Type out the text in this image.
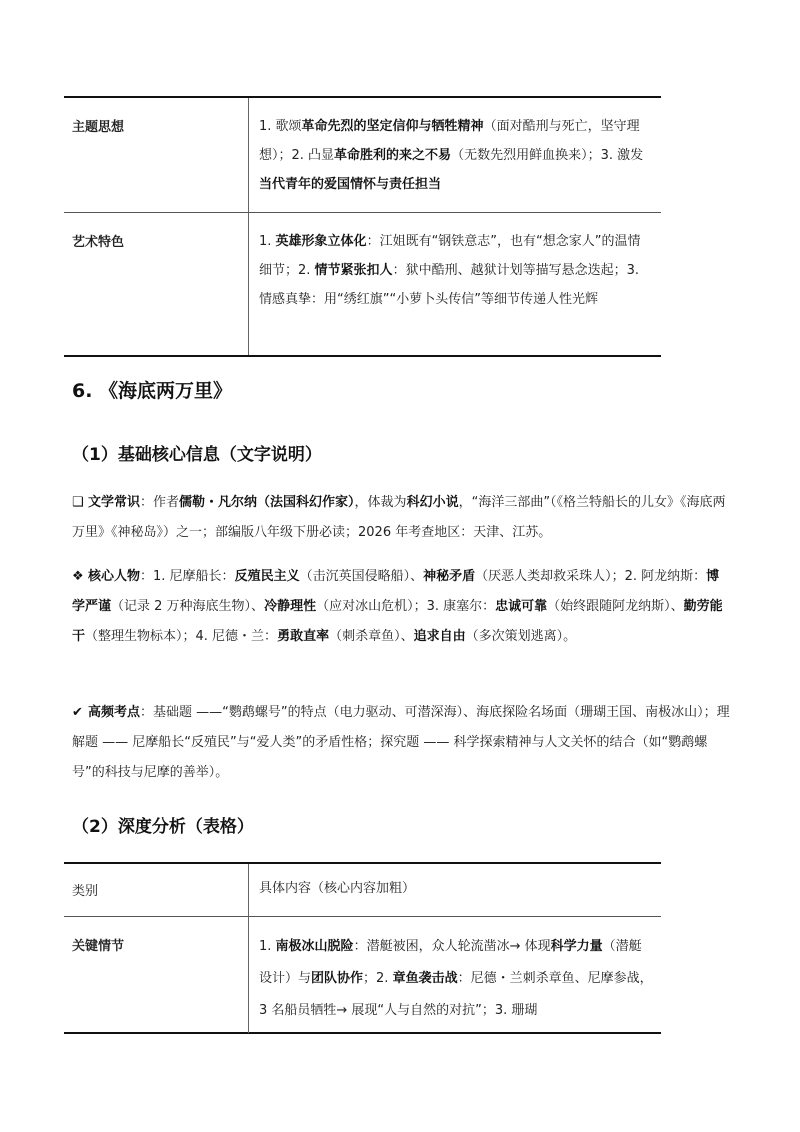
主题思想	1. 歌颂革命先烈的坚定信仰与牺牲精神（面对酷刑与死亡，坚守理想）；2. 凸显革命胜利的来之不易（无数先烈用鲜血换来）；3. 激发当代青年的爱国情怀与责任担当
艺术特色	1. 英雄形象立体化：江姐既有“钢铁意志”，也有“想念家人”的温情细节；2. 情节紧张扣人：狱中酷刑、越狱计划等描写悬念迭起；3. 情感真挚：用“绣红旗”“小萝卜头传信”等细节传递人性光辉
6. 《海底两万里》
（1）基础核心信息（文字说明）

❑ 文学常识：作者儒勒・凡尔纳（法国科幻作家），体裁为科幻小说，“海洋三部曲”（《格兰特船长的儿女》《海底两万里》《神秘岛》）之一；部编版八年级下册必读；2026 年考查地区：天津、江苏。

❖ 核心人物：1. 尼摩船长：反殖民主义（击沉英国侵略船）、神秘矛盾（厌恶人类却救采珠人）；2. 阿龙纳斯：博学严谨（记录 2 万种海底生物）、冷静理性（应对冰山危机）；3. 康塞尔：忠诚可靠（始终跟随阿龙纳斯）、勤劳能干（整理生物标本）；4. 尼德・兰：勇敢直率（刺杀章鱼）、追求自由（多次策划逃离）。

✔ 高频考点：基础题 ——“鹦鹉螺号”的特点（电力驱动、可潜深海）、海底探险名场面（珊瑚王国、南极冰山）；理解题 —— 尼摩船长“反殖民”与“爱人类”的矛盾性格；探究题 —— 科学探索精神与人文关怀的结合（如“鹦鹉螺号”的科技与尼摩的善举）。

（2）深度分析（表格）
类别	具体内容（核心内容加粗）
关键情节	1. 南极冰山脱险：潜艇被困，众人轮流凿冰→ 体现科学力量（潜艇设计）与团队协作；2. 章鱼袭击战：尼德・兰刺杀章鱼、尼摩参战，3 名船员牺牲→ 展现“人与自然的对抗”；3. 珊瑚
